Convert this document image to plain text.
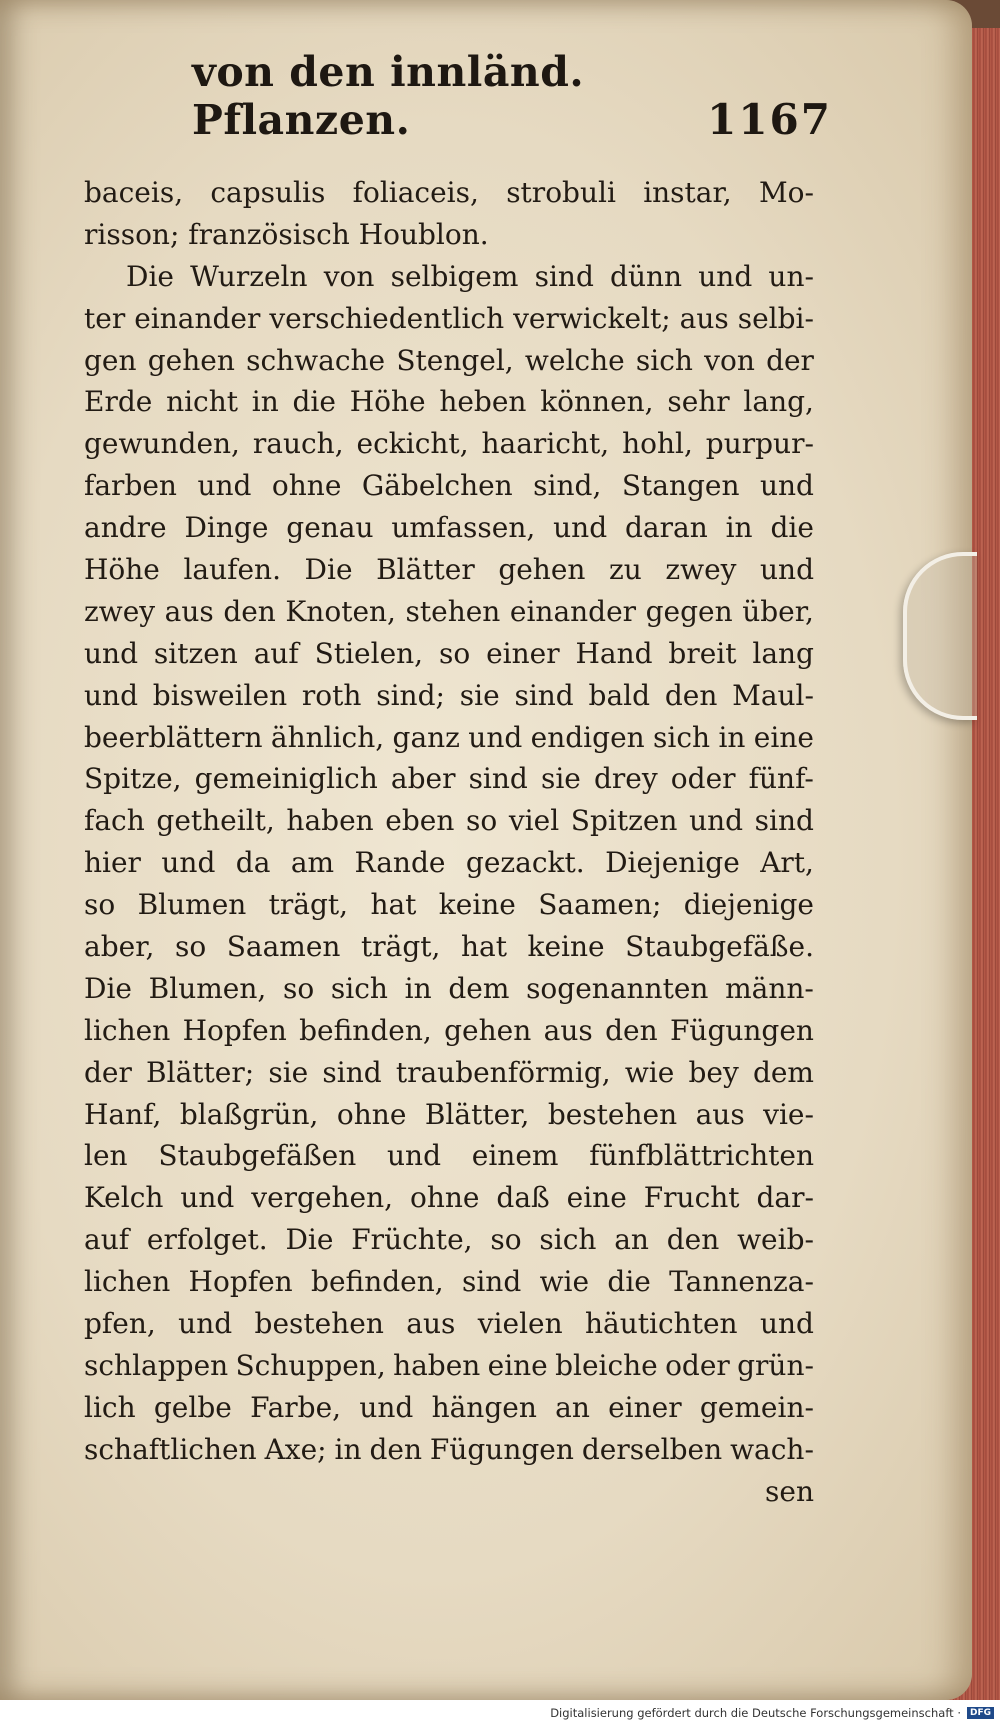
von den innländ. Pflanzen.	1167
baceis, capsulis foliaceis, strobuli instar, Mo-
risson; französisch Houblon.
Die Wurzeln von selbigem sind dünn und un-
ter einander verschiedentlich verwickelt; aus selbi-
gen gehen schwache Stengel, welche sich von der
Erde nicht in die Höhe heben können, sehr lang,
gewunden, rauch, eckicht, haaricht, hohl, purpur-
farben und ohne Gäbelchen sind, Stangen und
andre Dinge genau umfassen, und daran in die
Höhe laufen. Die Blätter gehen zu zwey und
zwey aus den Knoten, stehen einander gegen über,
und sitzen auf Stielen, so einer Hand breit lang
und bisweilen roth sind; sie sind bald den Maul-
beerblättern ähnlich, ganz und endigen sich in eine
Spitze, gemeiniglich aber sind sie drey oder fünf-
fach getheilt, haben eben so viel Spitzen und sind
hier und da am Rande gezackt. Diejenige Art,
so Blumen trägt, hat keine Saamen; diejenige
aber, so Saamen trägt, hat keine Staubgefäße.
Die Blumen, so sich in dem sogenannten männ-
lichen Hopfen befinden, gehen aus den Fügungen
der Blätter; sie sind traubenförmig, wie bey dem
Hanf, blaßgrün, ohne Blätter, bestehen aus vie-
len Staubgefäßen und einem fünfblättrichten
Kelch und vergehen, ohne daß eine Frucht dar-
auf erfolget. Die Früchte, so sich an den weib-
lichen Hopfen befinden, sind wie die Tannenza-
pfen, und bestehen aus vielen häutichten und
schlappen Schuppen, haben eine bleiche oder grün-
lich gelbe Farbe, und hängen an einer gemein-
schaftlichen Axe; in den Fügungen derselben wach-
sen
Digitalisierung gefördert durch die Deutsche Forschungsgemeinschaft ·	DFG
